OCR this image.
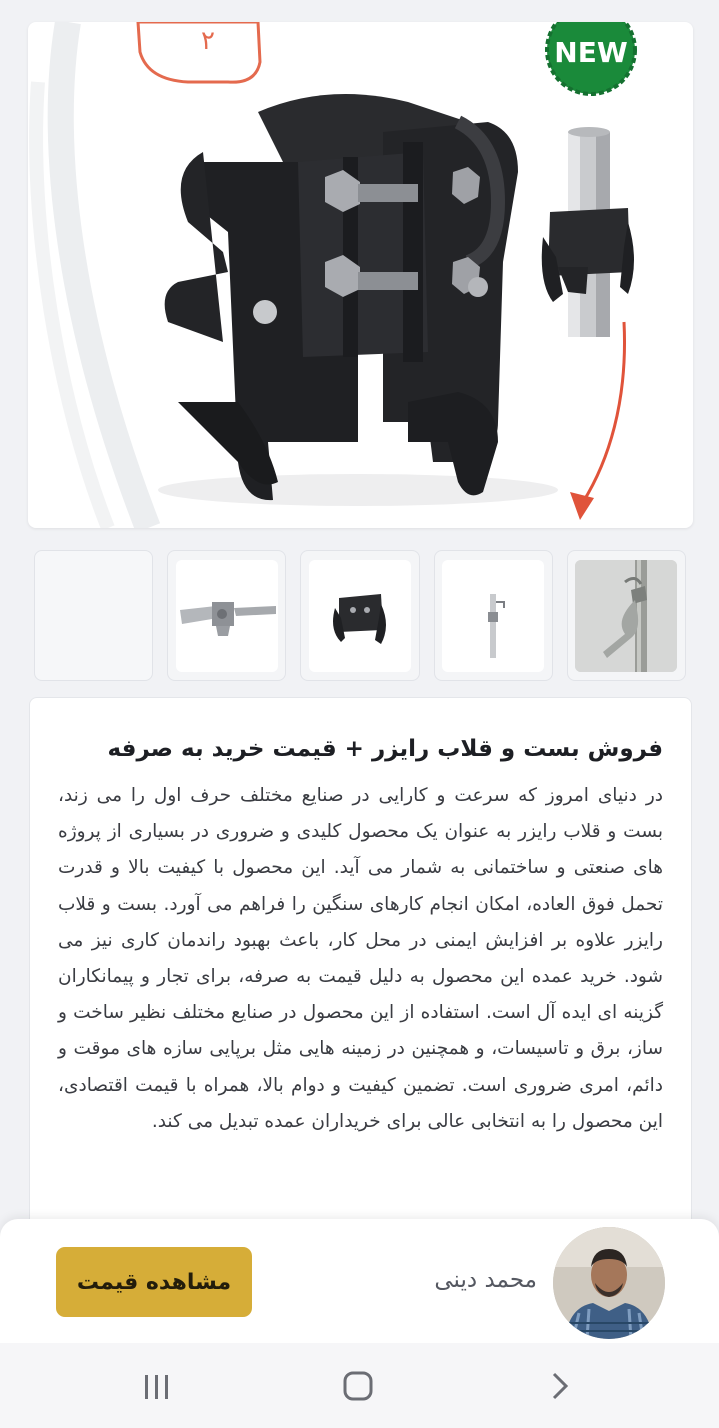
۲	NEW
فروش بست و قلاب رایزر + قیمت خرید به صرفه

در دنیای امروز که سرعت و کارایی در صنایع مختلف حرف اول را می زند، بست و قلاب رایزر به عنوان یک محصول کلیدی و ضروری در بسیاری از پروژه های صنعتی و ساختمانی به شمار می آید. این محصول با کیفیت بالا و قدرت تحمل فوق العاده، امکان انجام کارهای سنگین را فراهم می آورد. بست و قلاب رایزر علاوه بر افزایش ایمنی در محل کار، باعث بهبود راندمان کاری نیز می شود. خرید عمده این محصول به دلیل قیمت به صرفه، برای تجار و پیمانکاران گزینه ای ایده آل است. استفاده از این محصول در صنایع مختلف نظیر ساخت و ساز، برق و تاسیسات، و همچنین در زمینه هایی مثل برپایی سازه های موقت و دائم، امری ضروری است. تضمین کیفیت و دوام بالا، همراه با قیمت اقتصادی، این محصول را به انتخابی عالی برای خریداران عمده تبدیل می کند.

محمد دینی
مشاهده قیمت
